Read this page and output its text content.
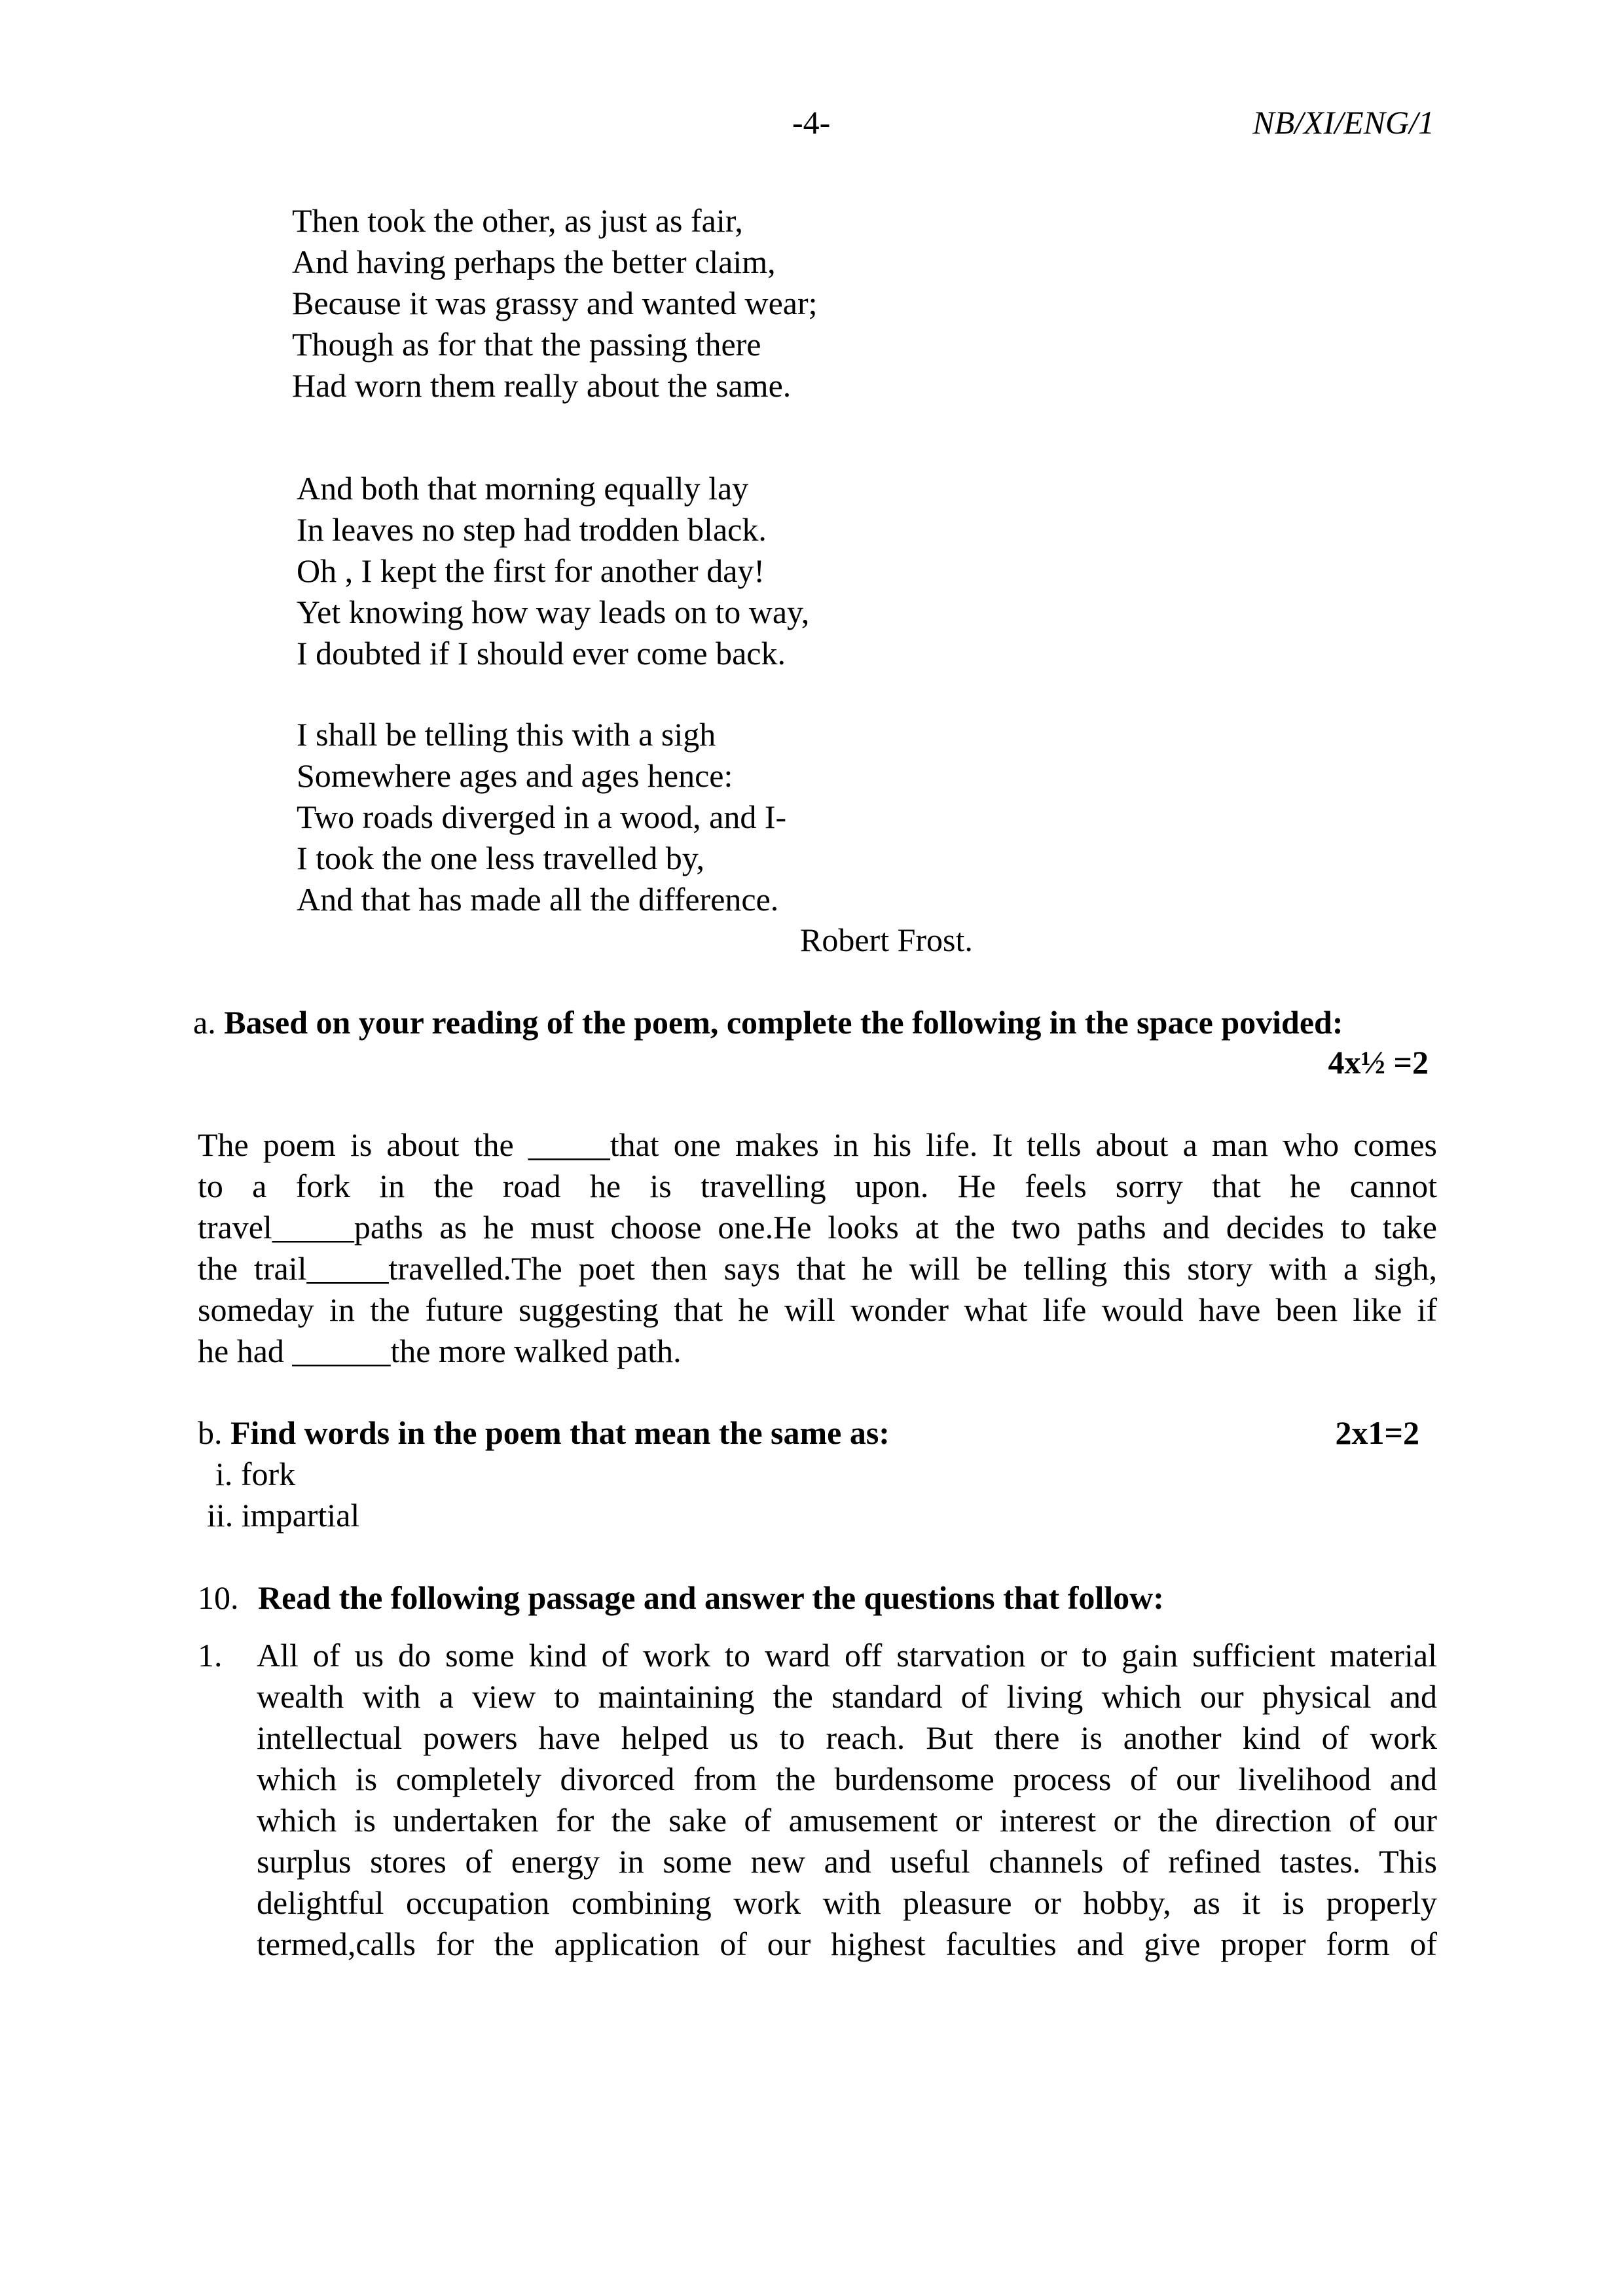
-4-	NB/XI/ENG/1
Then took the other, as just as fair,
And having perhaps the better claim,
Because it was grassy and wanted wear;
Though as for that the passing there
Had worn them really about the same.
And both that morning equally lay
In leaves no step had trodden black.
Oh , I kept the first for another day!
Yet knowing how way leads on to way,
I doubted if I should ever come back.
I shall be telling this with a sigh
Somewhere ages and ages hence:
Two roads diverged in a wood, and I-
I took the one less travelled by,
And that has made all the difference.
Robert Frost.
a. Based on your reading of the poem, complete the following in the space povided:
4x½ =2
The poem is about the _____that one makes in his life. It tells about a man who comes
to a fork in the road he is travelling upon. He feels sorry that he cannot
travel_____paths as he must choose one.He looks at the two paths and decides to take
the trail_____travelled.The poet then says that he will be telling this story with a sigh,
someday in the future suggesting that he will wonder what life would have been like if
he had ______the more walked path.
b. Find words in the poem that mean the same as:	2x1=2
i. fork
ii. impartial
10. Read the following passage and answer the questions that follow:
1. All of us do some kind of work to ward off starvation or to gain sufficient material
wealth with a view to maintaining the standard of living which our physical and
intellectual powers have helped us to reach. But there is another kind of work
which is completely divorced from the burdensome process of our livelihood and
which is undertaken for the sake of amusement or interest or the direction of our
surplus stores of energy in some new and useful channels of refined tastes. This
delightful occupation combining work with pleasure or hobby, as it is properly
termed,calls for the application of our highest faculties and give proper form of
